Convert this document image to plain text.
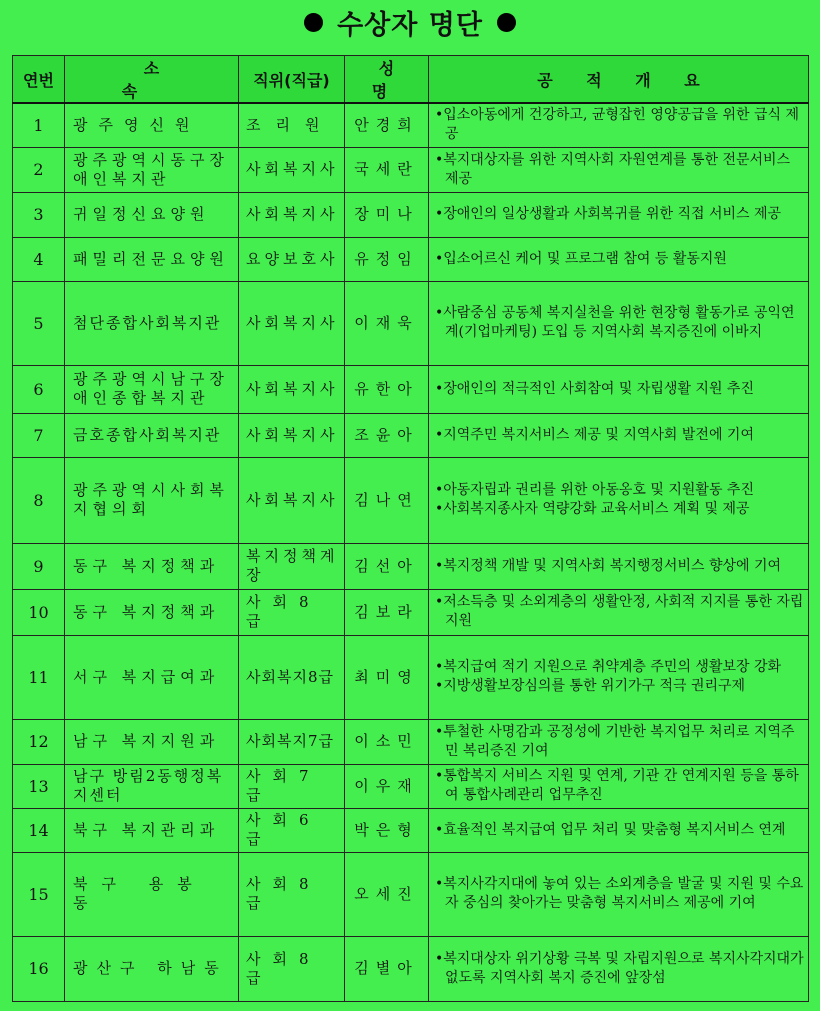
수상자 명단
연번	소 속	직위(직급)	성 명	공 적 개 요
1	광주영신원	조리원	안경희	•입소아동에게 건강하고, 균형잡힌 영양공급을 위한 급식 제공

2	광주광역시동구장애인복지관	사회복지사	국세란	•복지대상자를 위한 지역사회 자원연계를 통한 전문서비스 제공

3	귀일정신요양원	사회복지사	장미나	•장애인의 일상생활과 사회복귀를 위한 직접 서비스 제공

4	패밀리전문요양원	요양보호사	유정임	•입소어르신 케어 및 프로그램 참여 등 활동지원

5	첨단종합사회복지관	사회복지사	이재욱	•사람중심 공동체 복지실천을 위한 현장형 활동가로 공익연계(기업마케팅) 도입 등 지역사회 복지증진에 이바지

6	광주광역시남구장애인종합복지관	사회복지사	유한아	•장애인의 적극적인 사회참여 및 자립생활 지원 추진

7	금호종합사회복지관	사회복지사	조윤아	•지역주민 복지서비스 제공 및 지역사회 발전에 기여

8	광주광역시사회복지협의회	사회복지사	김나연	•아동자립과 권리를 위한 아동옹호 및 지원활동 추진
•사회복지종사자 역량강화 교육서비스 계획 및 제공

9	동구 복지정책과	복지정책계장	김선아	•복지정책 개발 및 지역사회 복지행정서비스 향상에 기여

10	동구 복지정책과	사회8급	김보라	•저소득층 및 소외계층의 생활안정, 사회적 지지를 통한 자립지원

11	서구 복지급여과	사회복지8급	최미영	•복지급여 적기 지원으로 취약계층 주민의 생활보장 강화
•지방생활보장심의를 통한 위기가구 적극 권리구제

12	남구 복지지원과	사회복지7급	이소민	•투철한 사명감과 공정성에 기반한 복지업무 처리로 지역주민 복리증진 기여

13	남구 방림2동행정복지센터	사회7급	이우재	•통합복지 서비스 지원 및 연계, 기관 간 연계지원 등을 통하여 통합사례관리 업무추진

14	북구 복지관리과	사회6급	박은형	•효율적인 복지급여 업무 처리 및 맞춤형 복지서비스 연계

15	북구 용봉동	사회8급	오세진	•복지사각지대에 놓여 있는 소외계층을 발굴 및 지원 및 수요자 중심의 찾아가는 맞춤형 복지서비스 제공에 기여

16	광산구 하남동	사회8급	김별아	•복지대상자 위기상황 극복 및 자립지원으로 복지사각지대가 없도록 지역사회 복지 증진에 앞장섬
